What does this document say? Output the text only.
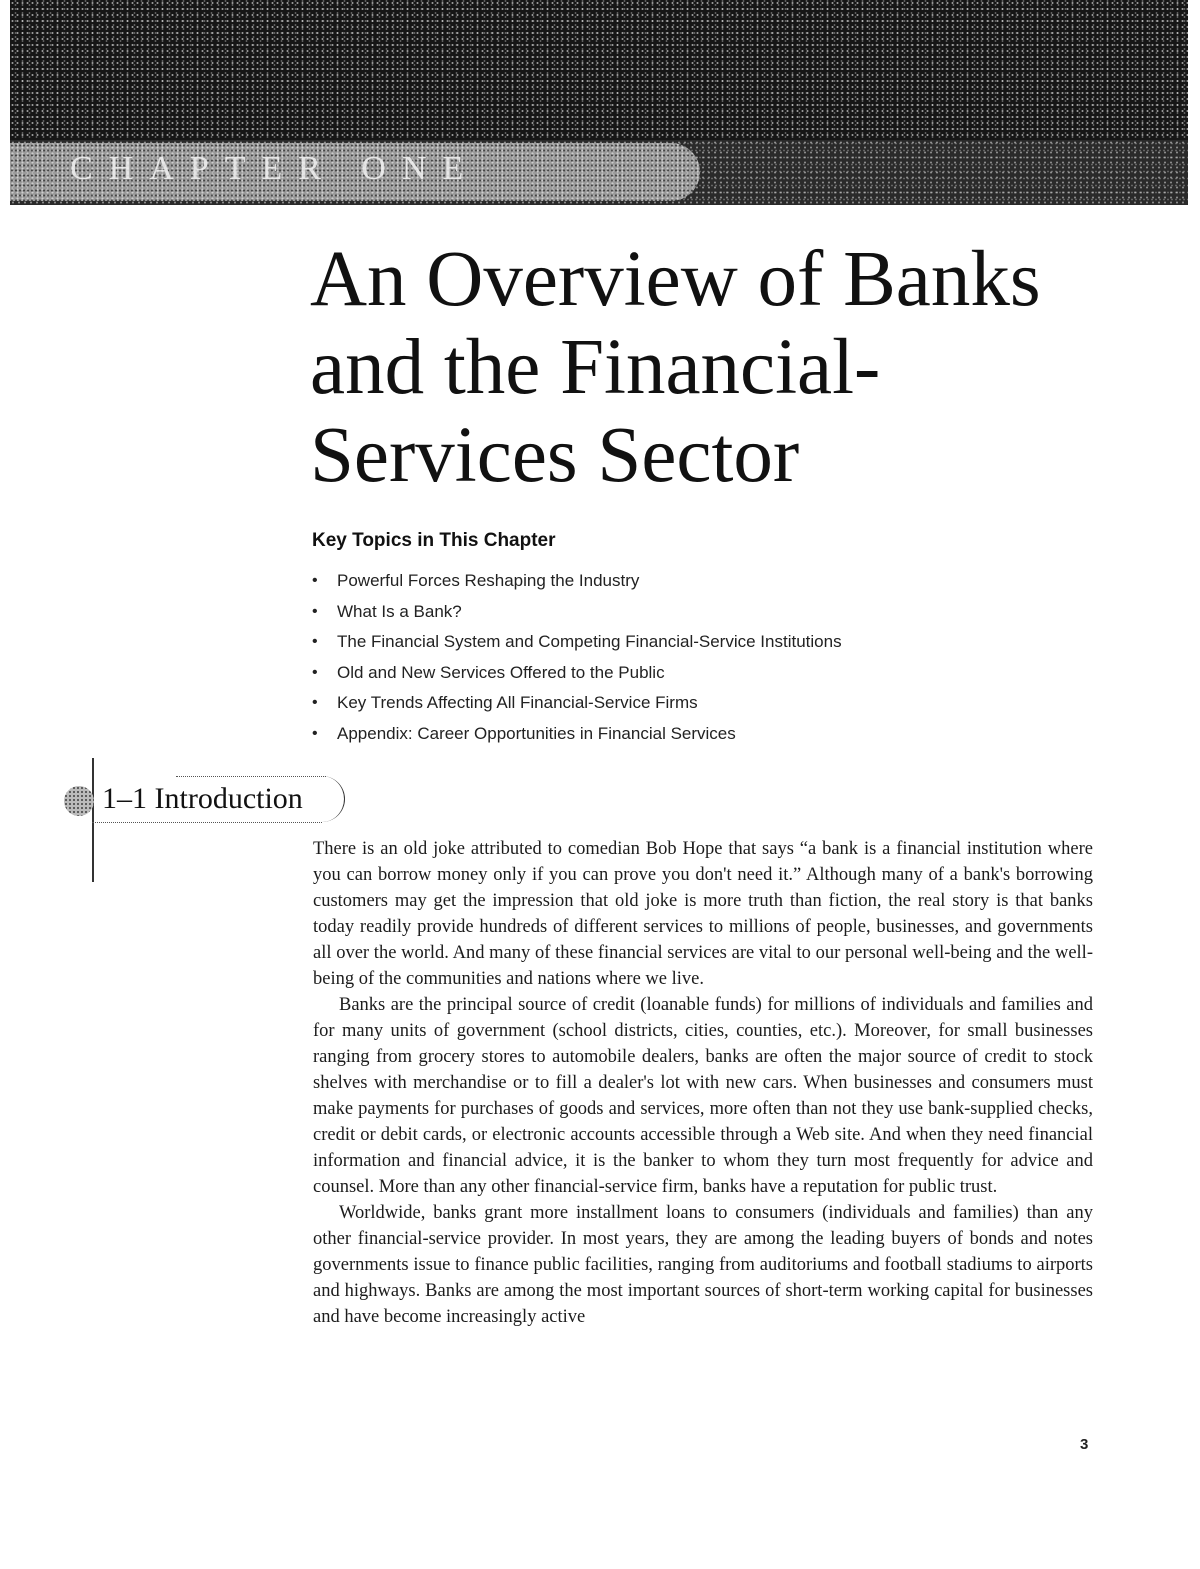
CHAPTER ONE
An Overview of Banks
and the Financial-
Services Sector
Key Topics in This Chapter
• Powerful Forces Reshaping the Industry
• What Is a Bank?
• The Financial System and Competing Financial-Service Institutions
• Old and New Services Offered to the Public
• Key Trends Affecting All Financial-Service Firms
• Appendix: Career Opportunities in Financial Services
1–1 Introduction

There is an old joke attributed to comedian Bob Hope that says “a bank is a financial institution where you can borrow money only if you can prove you don't need it.” Although many of a bank's borrowing customers may get the impression that old joke is more truth than fiction, the real story is that banks today readily provide hundreds of different services to millions of people, businesses, and governments all over the world. And many of these financial services are vital to our personal well-being and the well-being of the communities and nations where we live.

Banks are the principal source of credit (loanable funds) for millions of individuals and families and for many units of government (school districts, cities, counties, etc.). Moreover, for small businesses ranging from grocery stores to automobile dealers, banks are often the major source of credit to stock shelves with merchandise or to fill a dealer's lot with new cars. When businesses and consumers must make payments for purchases of goods and services, more often than not they use bank-supplied checks, credit or debit cards, or electronic accounts accessible through a Web site. And when they need financial information and financial advice, it is the banker to whom they turn most frequently for advice and counsel. More than any other financial-service firm, banks have a reputation for public trust.

Worldwide, banks grant more installment loans to consumers (individuals and families) than any other financial-service provider. In most years, they are among the leading buyers of bonds and notes governments issue to finance public facilities, ranging from auditoriums and football stadiums to airports and highways. Banks are among the most important sources of short-term working capital for businesses and have become increasingly active

3
